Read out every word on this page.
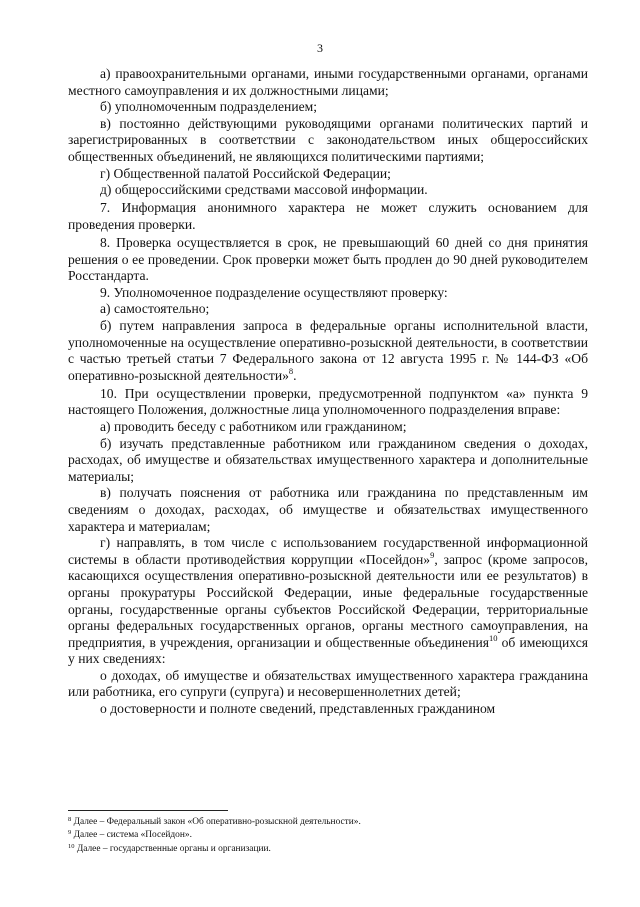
3

а) правоохранительными органами, иными государственными органами, органами местного самоуправления и их должностными лицами;

б) уполномоченным подразделением;

в) постоянно действующими руководящими органами политических партий и зарегистрированных в соответствии с законодательством иных общероссийских общественных объединений, не являющихся политическими партиями;

г) Общественной палатой Российской Федерации;

д) общероссийскими средствами массовой информации.

7. Информация анонимного характера не может служить основанием для проведения проверки.

8. Проверка осуществляется в срок, не превышающий 60 дней со дня принятия решения о ее проведении. Срок проверки может быть продлен до 90 дней руководителем Росстандарта.

9. Уполномоченное подразделение осуществляют проверку:

а) самостоятельно;

б) путем направления запроса в федеральные органы исполнительной власти, уполномоченные на осуществление оперативно-розыскной деятельности, в соответствии с частью третьей статьи 7 Федерального закона от 12 августа 1995 г. № 144-ФЗ «Об оперативно-розыскной деятельности»$^8$.

10. При осуществлении проверки, предусмотренной подпунктом «а» пункта 9 настоящего Положения, должностные лица уполномоченного подразделения вправе:

а) проводить беседу с работником или гражданином;

б) изучать представленные работником или гражданином сведения о доходах, расходах, об имуществе и обязательствах имущественного характера и дополнительные материалы;

в) получать пояснения от работника или гражданина по представленным им сведениям о доходах, расходах, об имуществе и обязательствах имущественного характера и материалам;

г) направлять, в том числе с использованием государственной информационной системы в области противодействия коррупции «Посейдон»$^9$, запрос (кроме запросов, касающихся осуществления оперативно-розыскной деятельности или ее результатов) в органы прокуратуры Российской Федерации, иные федеральные государственные органы, государственные органы субъектов Российской Федерации, территориальные органы федеральных государственных органов, органы местного самоуправления, на предприятия, в учреждения, организации и общественные объединения$^{10}$ об имеющихся у них сведениях:

о доходах, об имуществе и обязательствах имущественного характера гражданина или работника, его супруги (супруга) и несовершеннолетних детей;

о достоверности и полноте сведений, представленных гражданином

$^8$ Далее – Федеральный закон «Об оперативно-розыскной деятельности».
$^9$ Далее – система «Посейдон».
$^{10}$ Далее – государственные органы и организации.
